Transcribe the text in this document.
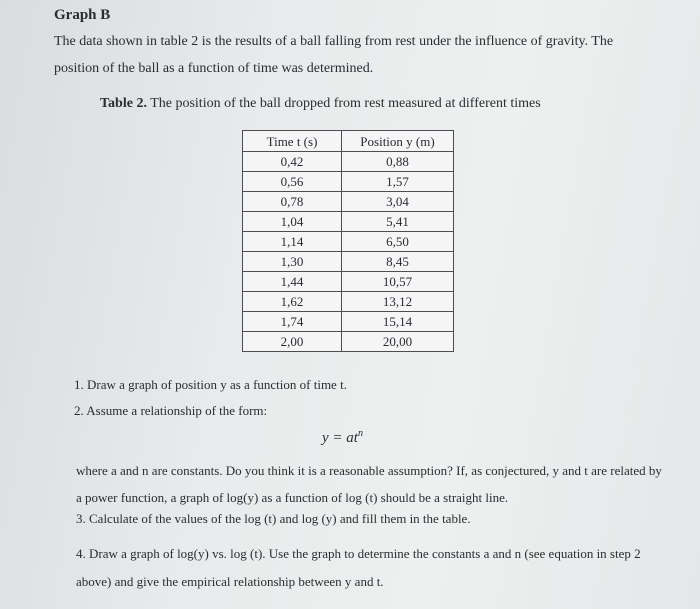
Graph B
The data shown in table 2 is the results of a ball falling from rest under the influence of gravity. The position of the ball as a function of time was determined.
Table 2. The position of the ball dropped from rest measured at different times
Time t (s)	Position y (m)
0,42	0,88
0,56	1,57
0,78	3,04
1,04	5,41
1,14	6,50
1,30	8,45
1,44	10,57
1,62	13,12
1,74	15,14
2,00	20,00
1. Draw a graph of position y as a function of time t.
2. Assume a relationship of the form:
$y = at^n$
where a and n are constants. Do you think it is a reasonable assumption? If, as conjectured, y and t are related by a power function, a graph of log(y) as a function of log (t) should be a straight line.
3. Calculate of the values of the log (t) and log (y) and fill them in the table.
4. Draw a graph of log(y) vs. log (t). Use the graph to determine the constants a and n (see equation in step 2 above) and give the empirical relationship between y and t.
